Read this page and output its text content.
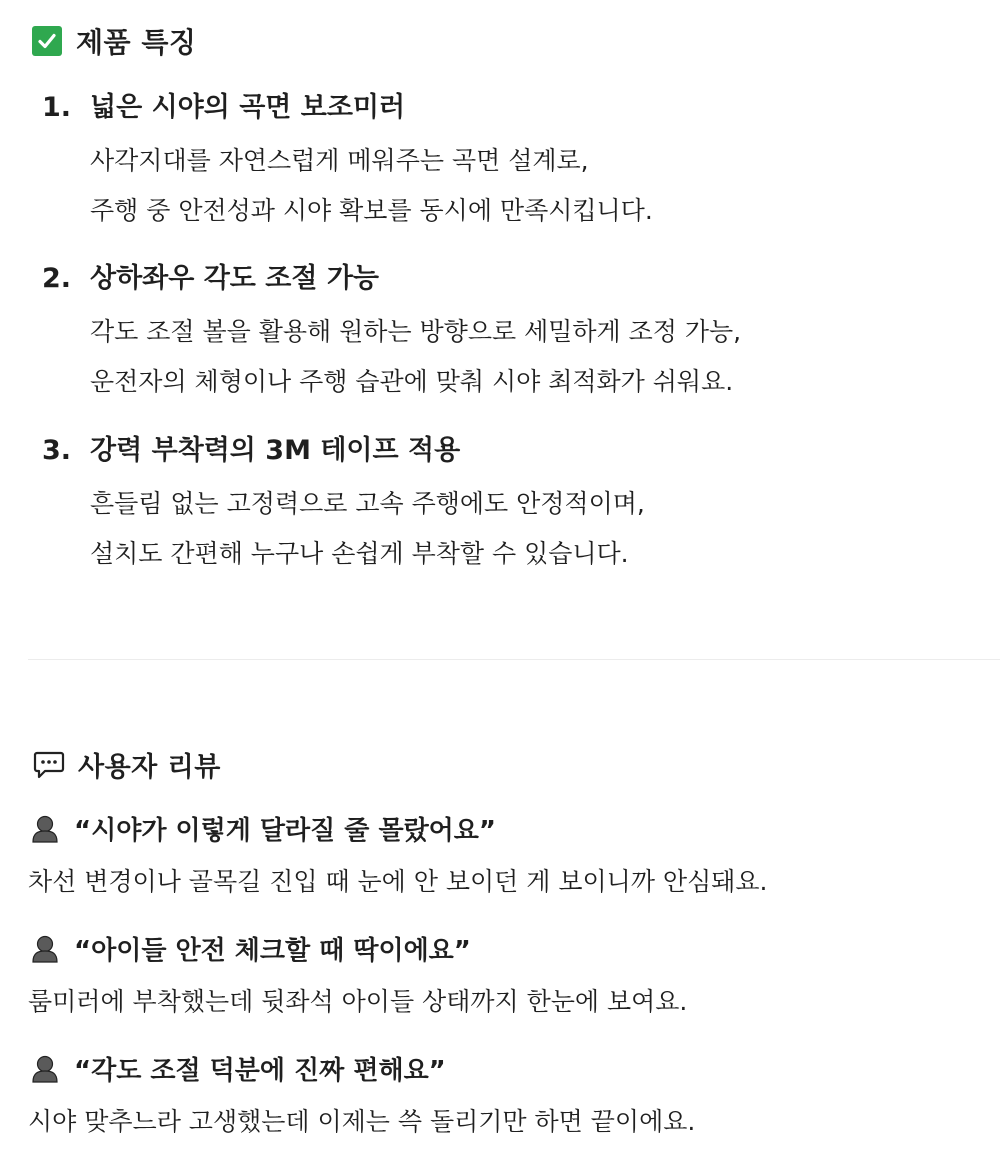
제품 특징
1. 넓은 시야의 곡면 보조미러
사각지대를 자연스럽게 메워주는 곡면 설계로,
주행 중 안전성과 시야 확보를 동시에 만족시킵니다.
2. 상하좌우 각도 조절 가능
각도 조절 볼을 활용해 원하는 방향으로 세밀하게 조정 가능,
운전자의 체형이나 주행 습관에 맞춰 시야 최적화가 쉬워요.
3. 강력 부착력의 3M 테이프 적용
흔들림 없는 고정력으로 고속 주행에도 안정적이며,
설치도 간편해 누구나 손쉽게 부착할 수 있습니다.
사용자 리뷰
“시야가 이렇게 달라질 줄 몰랐어요”
차선 변경이나 골목길 진입 때 눈에 안 보이던 게 보이니까 안심돼요.
“아이들 안전 체크할 때 딱이에요”
룸미러에 부착했는데 뒷좌석 아이들 상태까지 한눈에 보여요.
“각도 조절 덕분에 진짜 편해요”
시야 맞추느라 고생했는데 이제는 쓱 돌리기만 하면 끝이에요.
